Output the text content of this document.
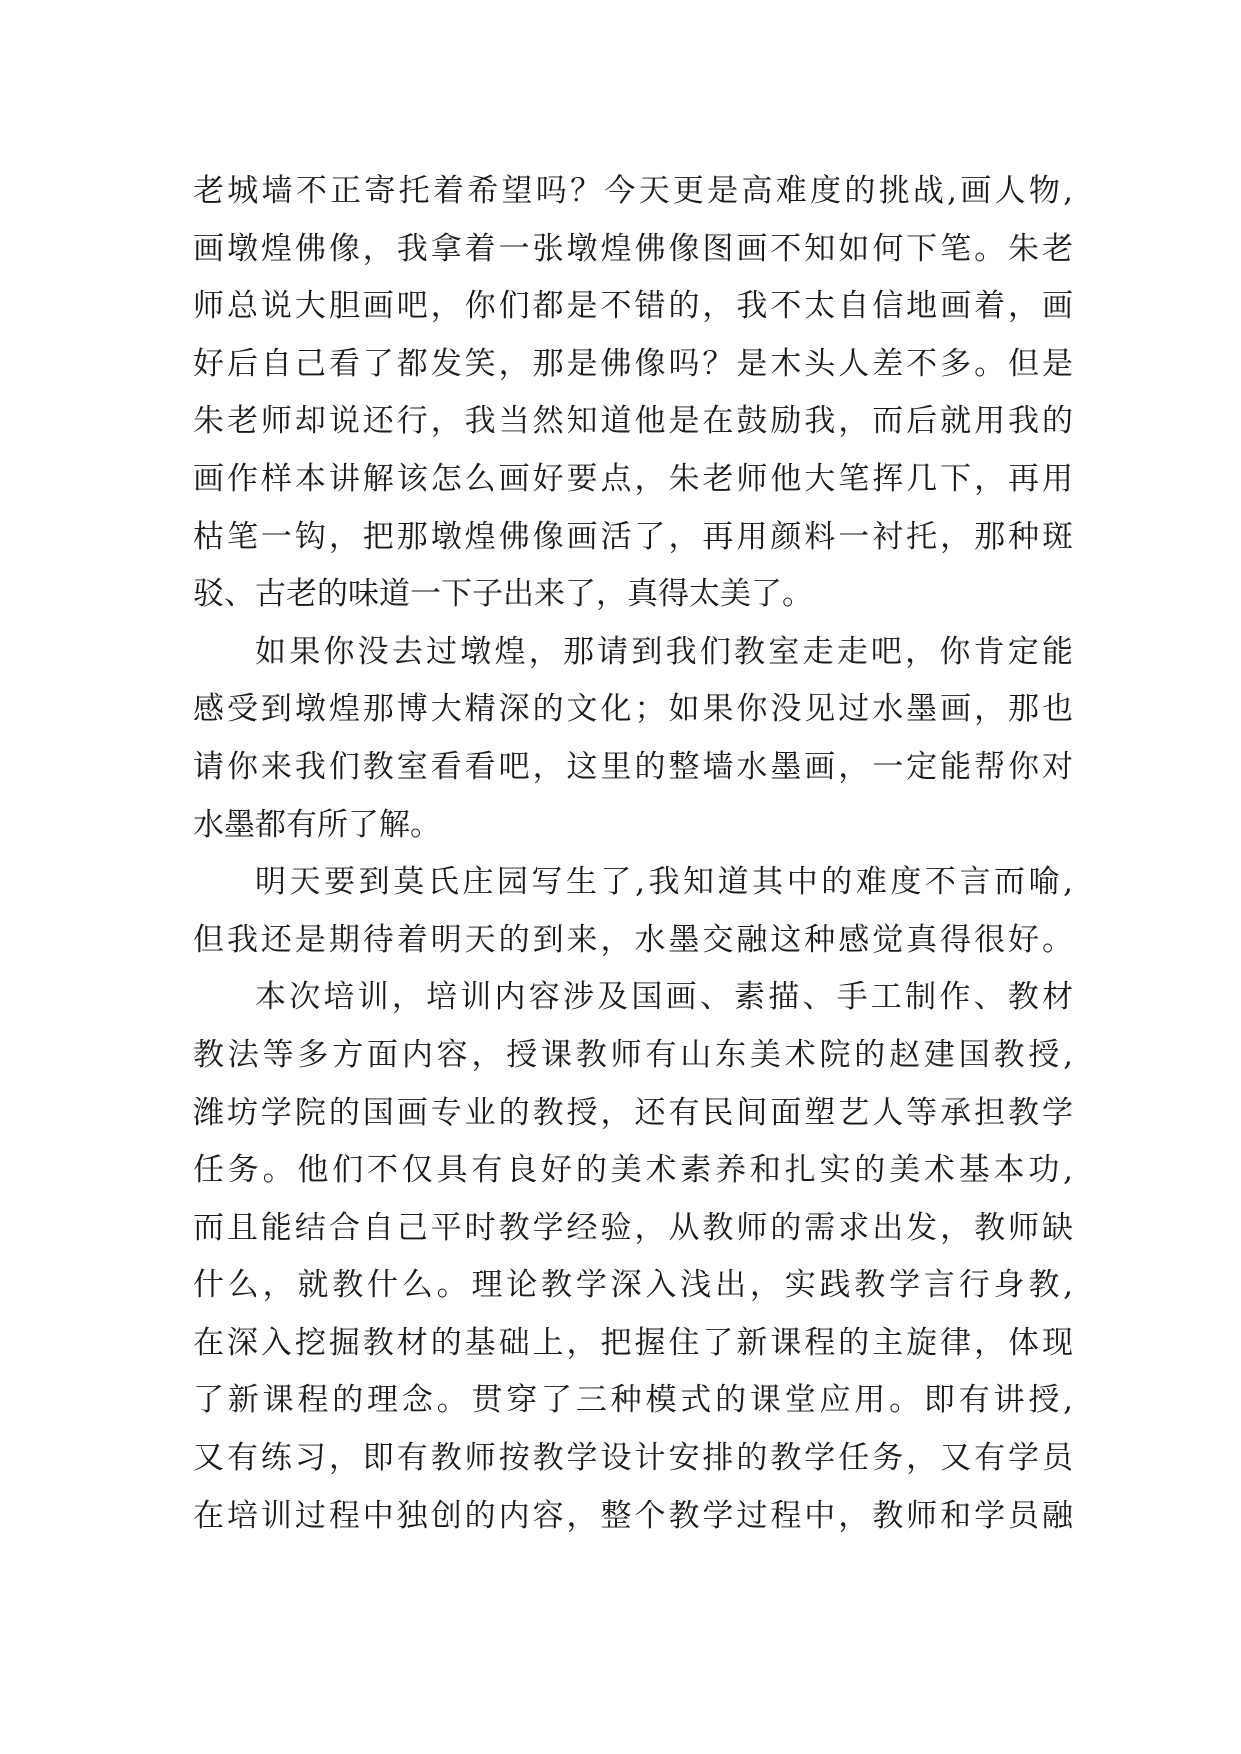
老城墙不正寄托着希望吗？今天更是高难度的挑战,画人物,
画墩煌佛像，我拿着一张墩煌佛像图画不知如何下笔。朱老
师总说大胆画吧，你们都是不错的，我不太自信地画着，画
好后自己看了都发笑，那是佛像吗？是木头人差不多。但是
朱老师却说还行，我当然知道他是在鼓励我，而后就用我的
画作样本讲解该怎么画好要点，朱老师他大笔挥几下，再用
枯笔一钩，把那墩煌佛像画活了，再用颜料一衬托，那种斑
驳、古老的味道一下子出来了，真得太美了。
如果你没去过墩煌，那请到我们教室走走吧，你肯定能
感受到墩煌那博大精深的文化；如果你没见过水墨画，那也
请你来我们教室看看吧，这里的整墙水墨画，一定能帮你对
水墨都有所了解。
明天要到莫氏庄园写生了,我知道其中的难度不言而喻,
但我还是期待着明天的到来，水墨交融这种感觉真得很好。
本次培训，培训内容涉及国画、素描、手工制作、教材
教法等多方面内容，授课教师有山东美术院的赵建国教授,
潍坊学院的国画专业的教授，还有民间面塑艺人等承担教学
任务。他们不仅具有良好的美术素养和扎实的美术基本功,
而且能结合自己平时教学经验，从教师的需求出发，教师缺
什么，就教什么。理论教学深入浅出，实践教学言行身教,
在深入挖掘教材的基础上，把握住了新课程的主旋律，体现
了新课程的理念。贯穿了三种模式的课堂应用。即有讲授,
又有练习，即有教师按教学设计安排的教学任务，又有学员
在培训过程中独创的内容，整个教学过程中，教师和学员融
